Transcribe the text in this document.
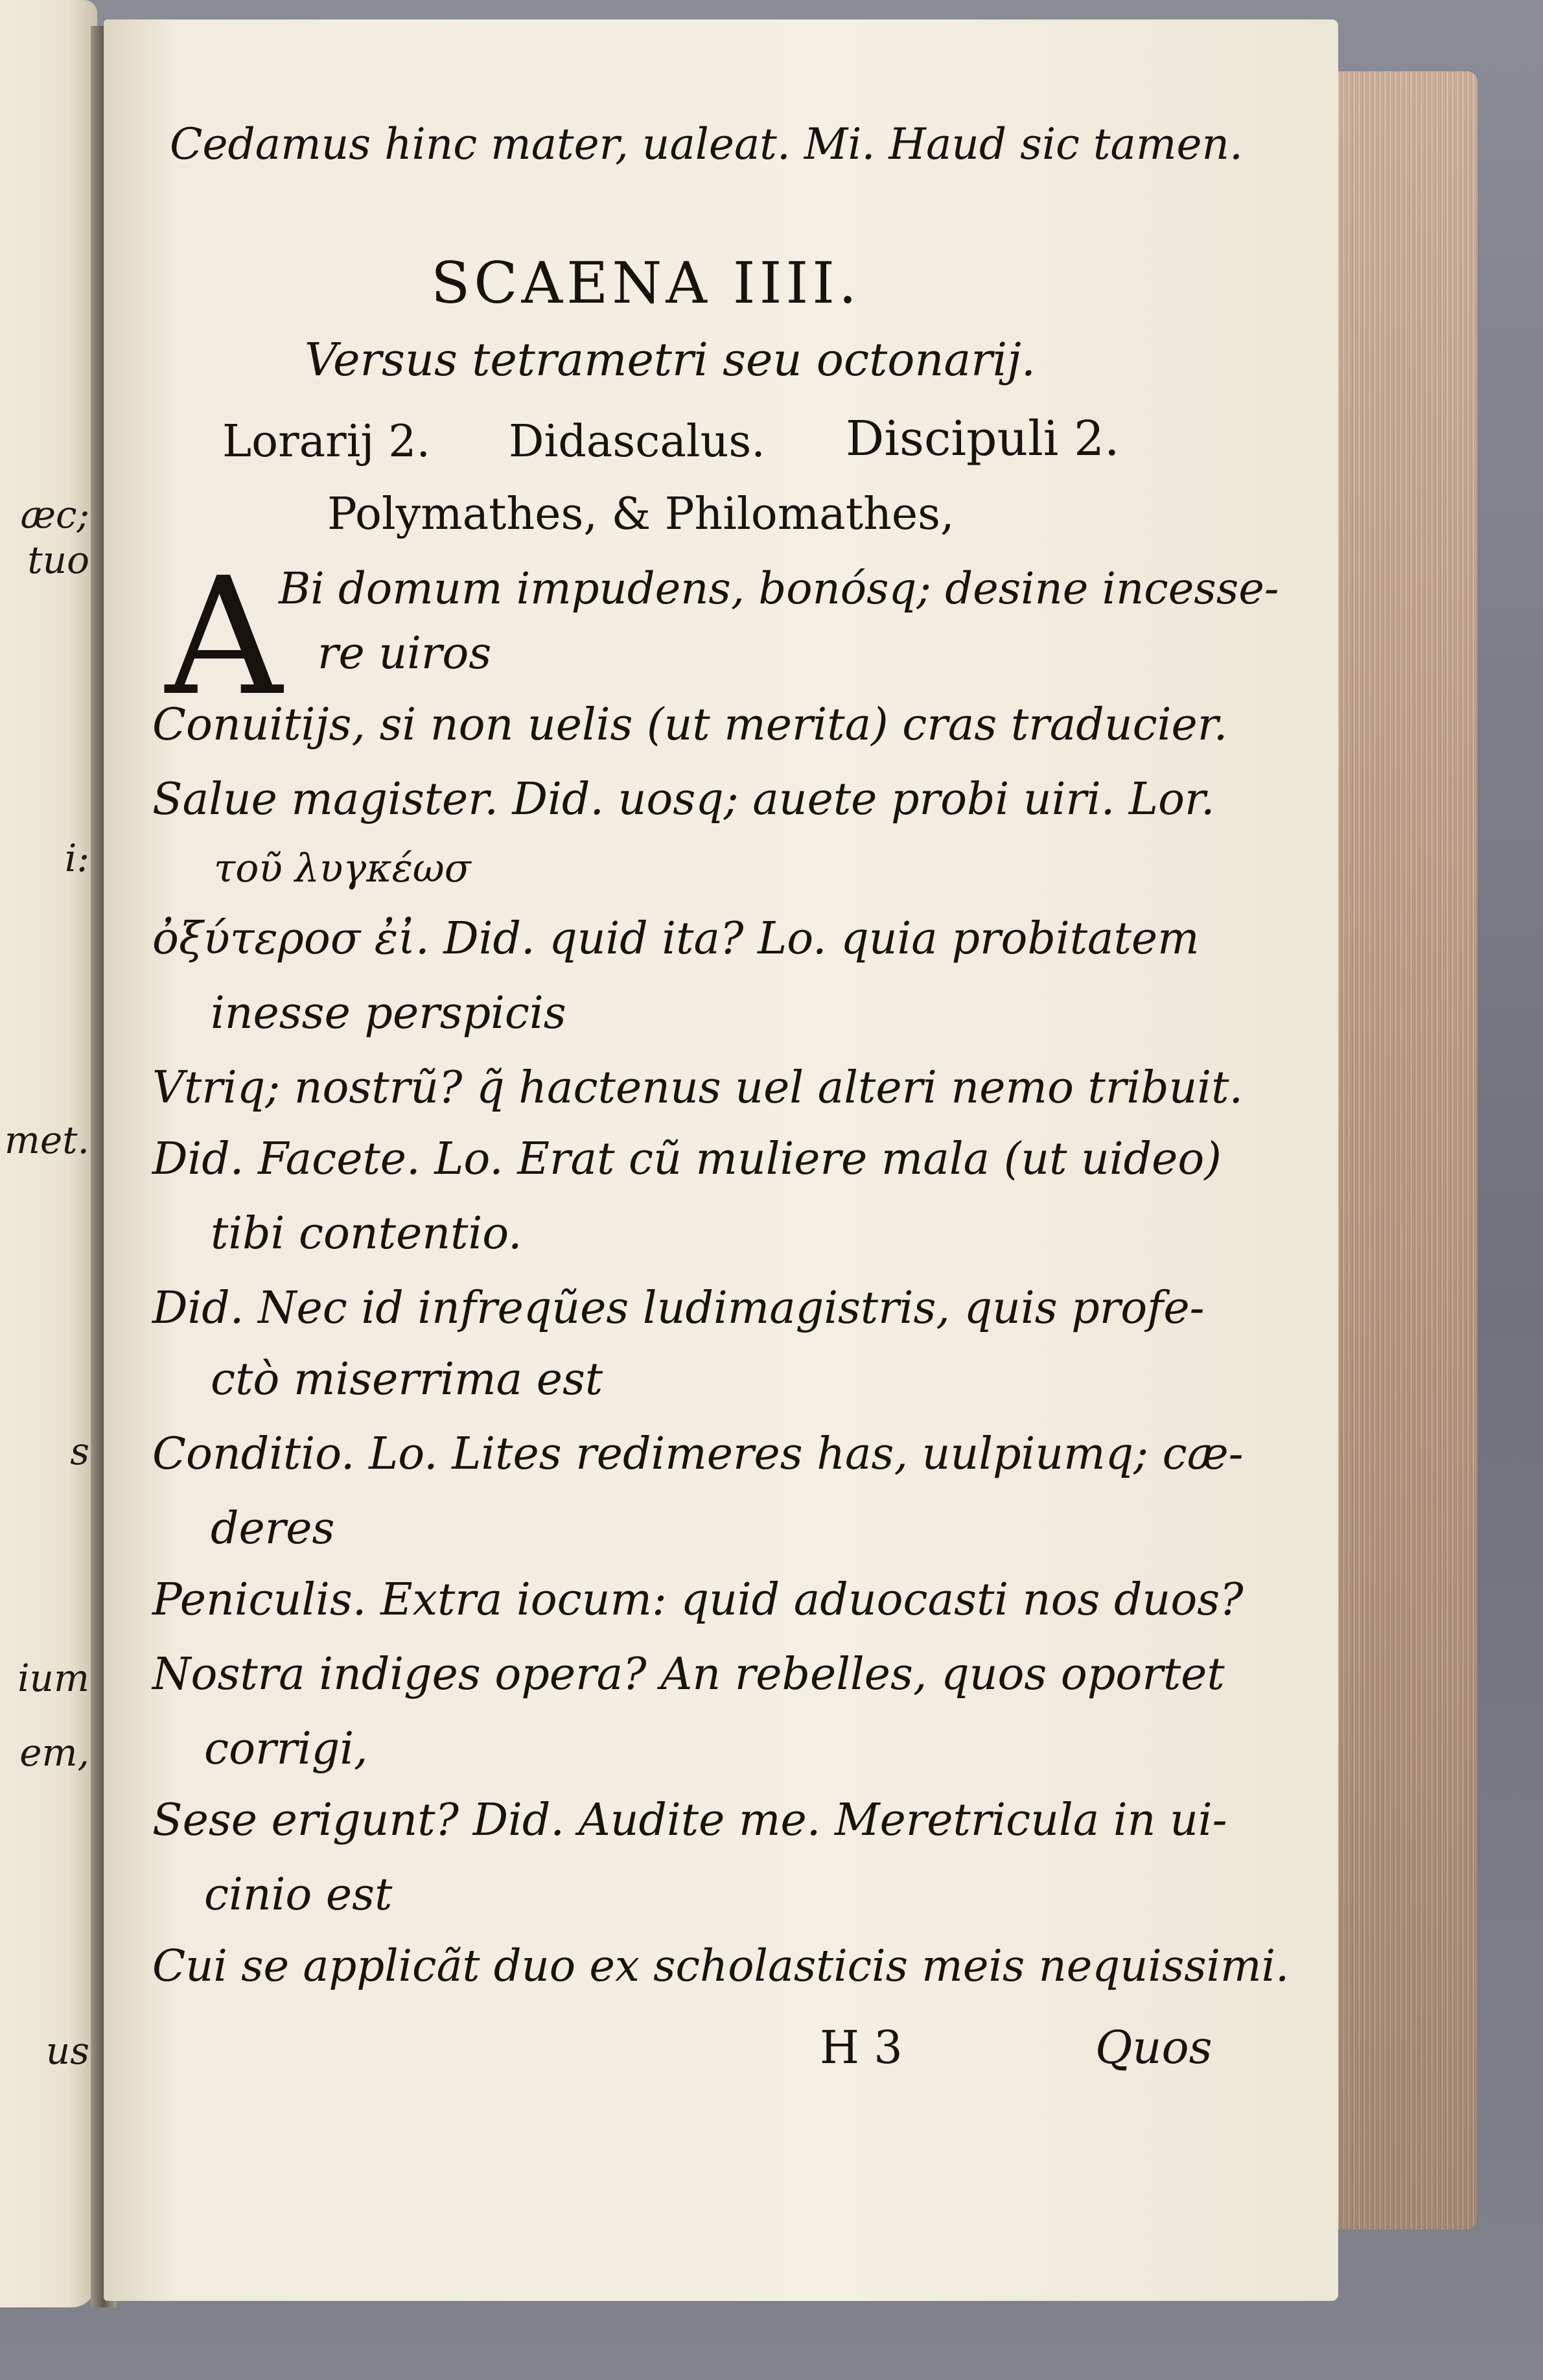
æc;
tuo
i:
met.
s
ium
em,
us
Cedamus hinc mater, ualeat. Mi. Haud sic tamen.
SCAENA IIII.
Versus tetrametri seu octonarij.
Lorarij 2. Didascalus. Discipuli 2.
Polymathes, & Philomathes,
A
Bi domum impudens, bonósq; desine incesse-
re uiros
Conuitijs, si non uelis (ut merita) cras traducier.
Salue magister. Did. uosq; auete probi uiri. Lor.
τοῦ λυγκέωσ
ὀξύτεροσ ἐἰ. Did. quid ita? Lo. quia probitatem
inesse perspicis
Vtriq; nostrũ? q̃ hactenus uel alteri nemo tribuit.
Did. Facete. Lo. Erat cũ muliere mala (ut uideo)
tibi contentio.
Did. Nec id infreqũes ludimagistris, quis profe-
ctò miserrima est
Conditio. Lo. Lites redimeres has, uulpiumq; cæ-
deres
Peniculis. Extra iocum: quid aduocasti nos duos?
Nostra indiges opera? An rebelles, quos oportet
corrigi,
Sese erigunt? Did. Audite me. Meretricula in ui-
cinio est
Cui se applicãt duo ex scholasticis meis nequissimi.
H 3	Quos
